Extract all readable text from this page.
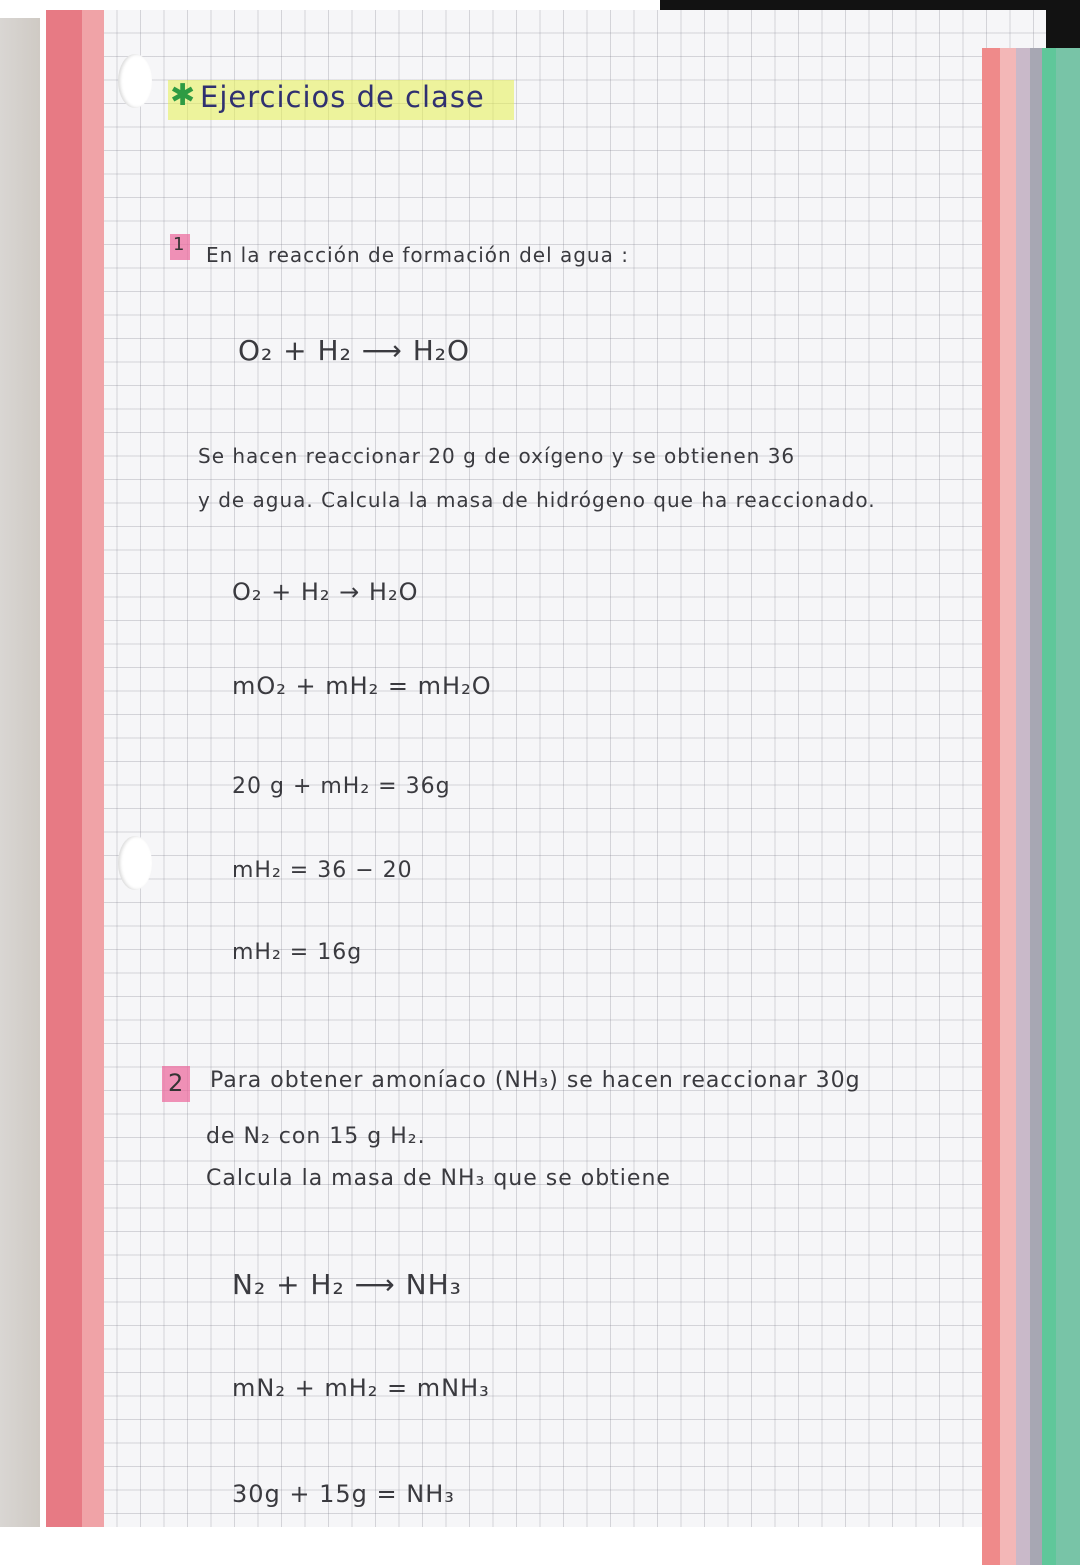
✱ Ejercicios de clase
1 En la reacción de formación del agua :
O₂ + H₂ ⟶ H₂O
Se hacen reaccionar 20 g de oxígeno y se obtienen 36
y de agua. Calcula la masa de hidrógeno que ha reaccionado.
O₂ + H₂ → H₂O
mO₂ + mH₂ = mH₂O
20 g + mH₂ = 36g
mH₂ = 36 − 20
mH₂ = 16g
2 Para obtener amoníaco (NH₃) se hacen reaccionar 30g
de N₂ con 15 g H₂.
Calcula la masa de NH₃ que se obtiene
N₂ + H₂ ⟶ NH₃
mN₂ + mH₂ = mNH₃
30g + 15g = NH₃
